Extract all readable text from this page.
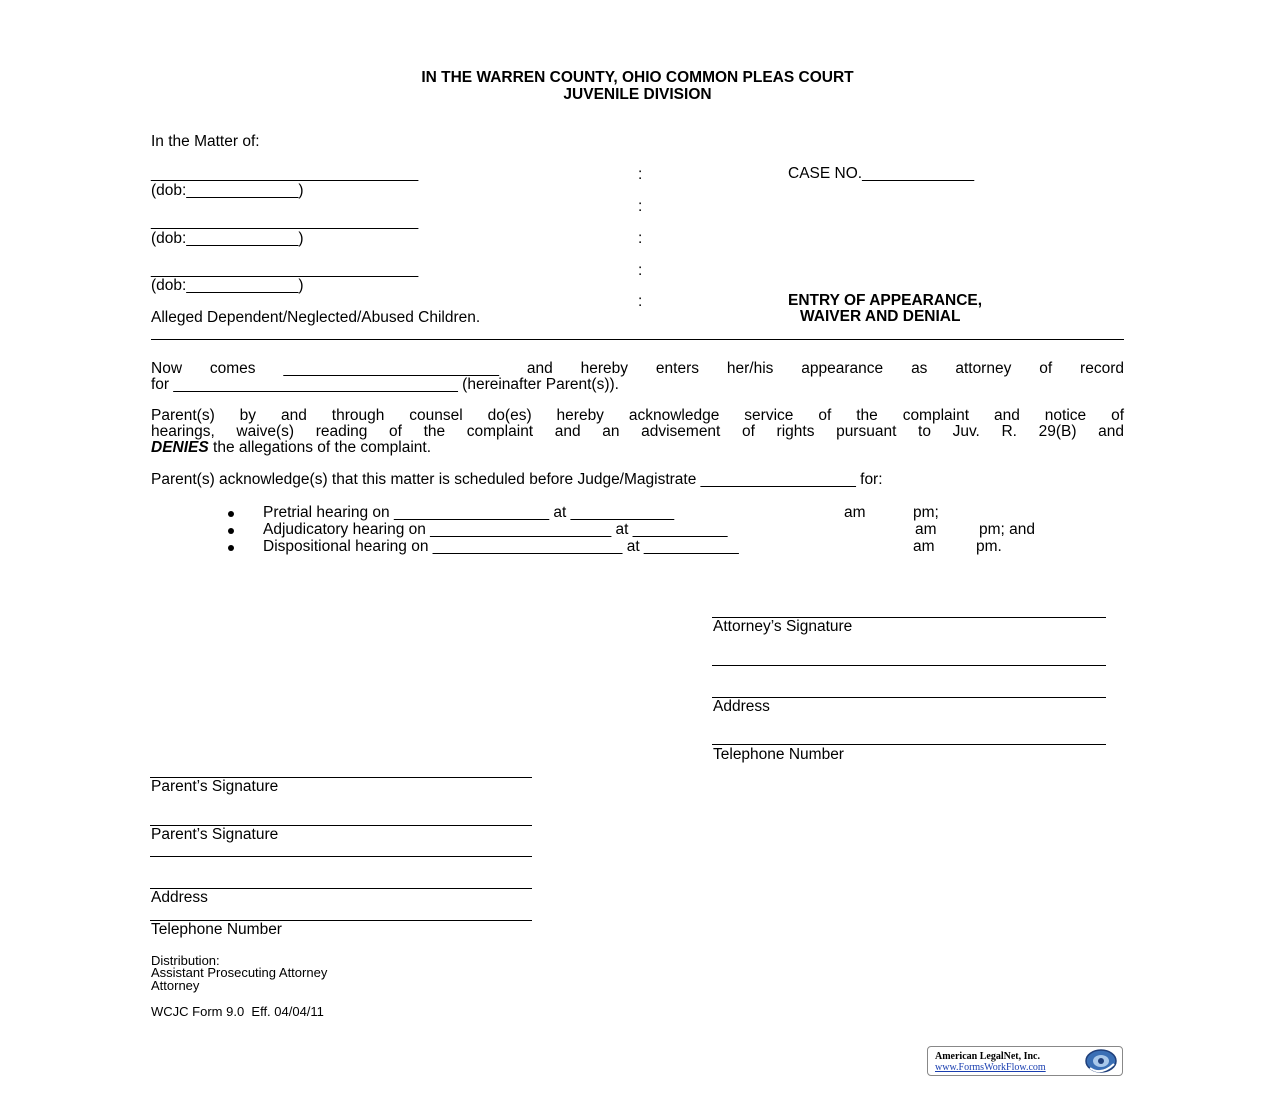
IN THE WARREN COUNTY, OHIO COMMON PLEAS COURT
JUVENILE DIVISION
In the Matter of:
_______________________________
(dob:_____________)
_______________________________
(dob:_____________)
_______________________________
(dob:_____________)
Alleged Dependent/Neglected/Abused Children.
:
:
:
:
:
CASE NO._____________
ENTRY OF APPEARANCE,
WAIVER AND DENIAL
Now comes _________________________ and hereby enters her/his appearance as attorney of record
for _________________________________ (hereinafter Parent(s)).
Parent(s) by and through counsel do(es) hereby acknowledge service of the complaint and notice of
hearings, waive(s) reading of the complaint and an advisement of rights pursuant to Juv. R. 29(B) and
DENIES the allegations of the complaint.
Parent(s) acknowledge(s) that this matter is scheduled before Judge/Magistrate __________________ for:
Pretrial hearing on __________________ at ____________	am	pm;
Adjudicatory hearing on _____________________ at ___________	am	pm; and
Dispositional hearing on ______________________ at ___________	am	pm.
Attorney’s Signature
Address
Telephone Number
Parent’s Signature
Parent’s Signature
Address
Telephone Number
Distribution:
Assistant Prosecuting Attorney
Attorney
WCJC Form 9.0  Eff. 04/04/11
American LegalNet, Inc.
www.FormsWorkFlow.com
